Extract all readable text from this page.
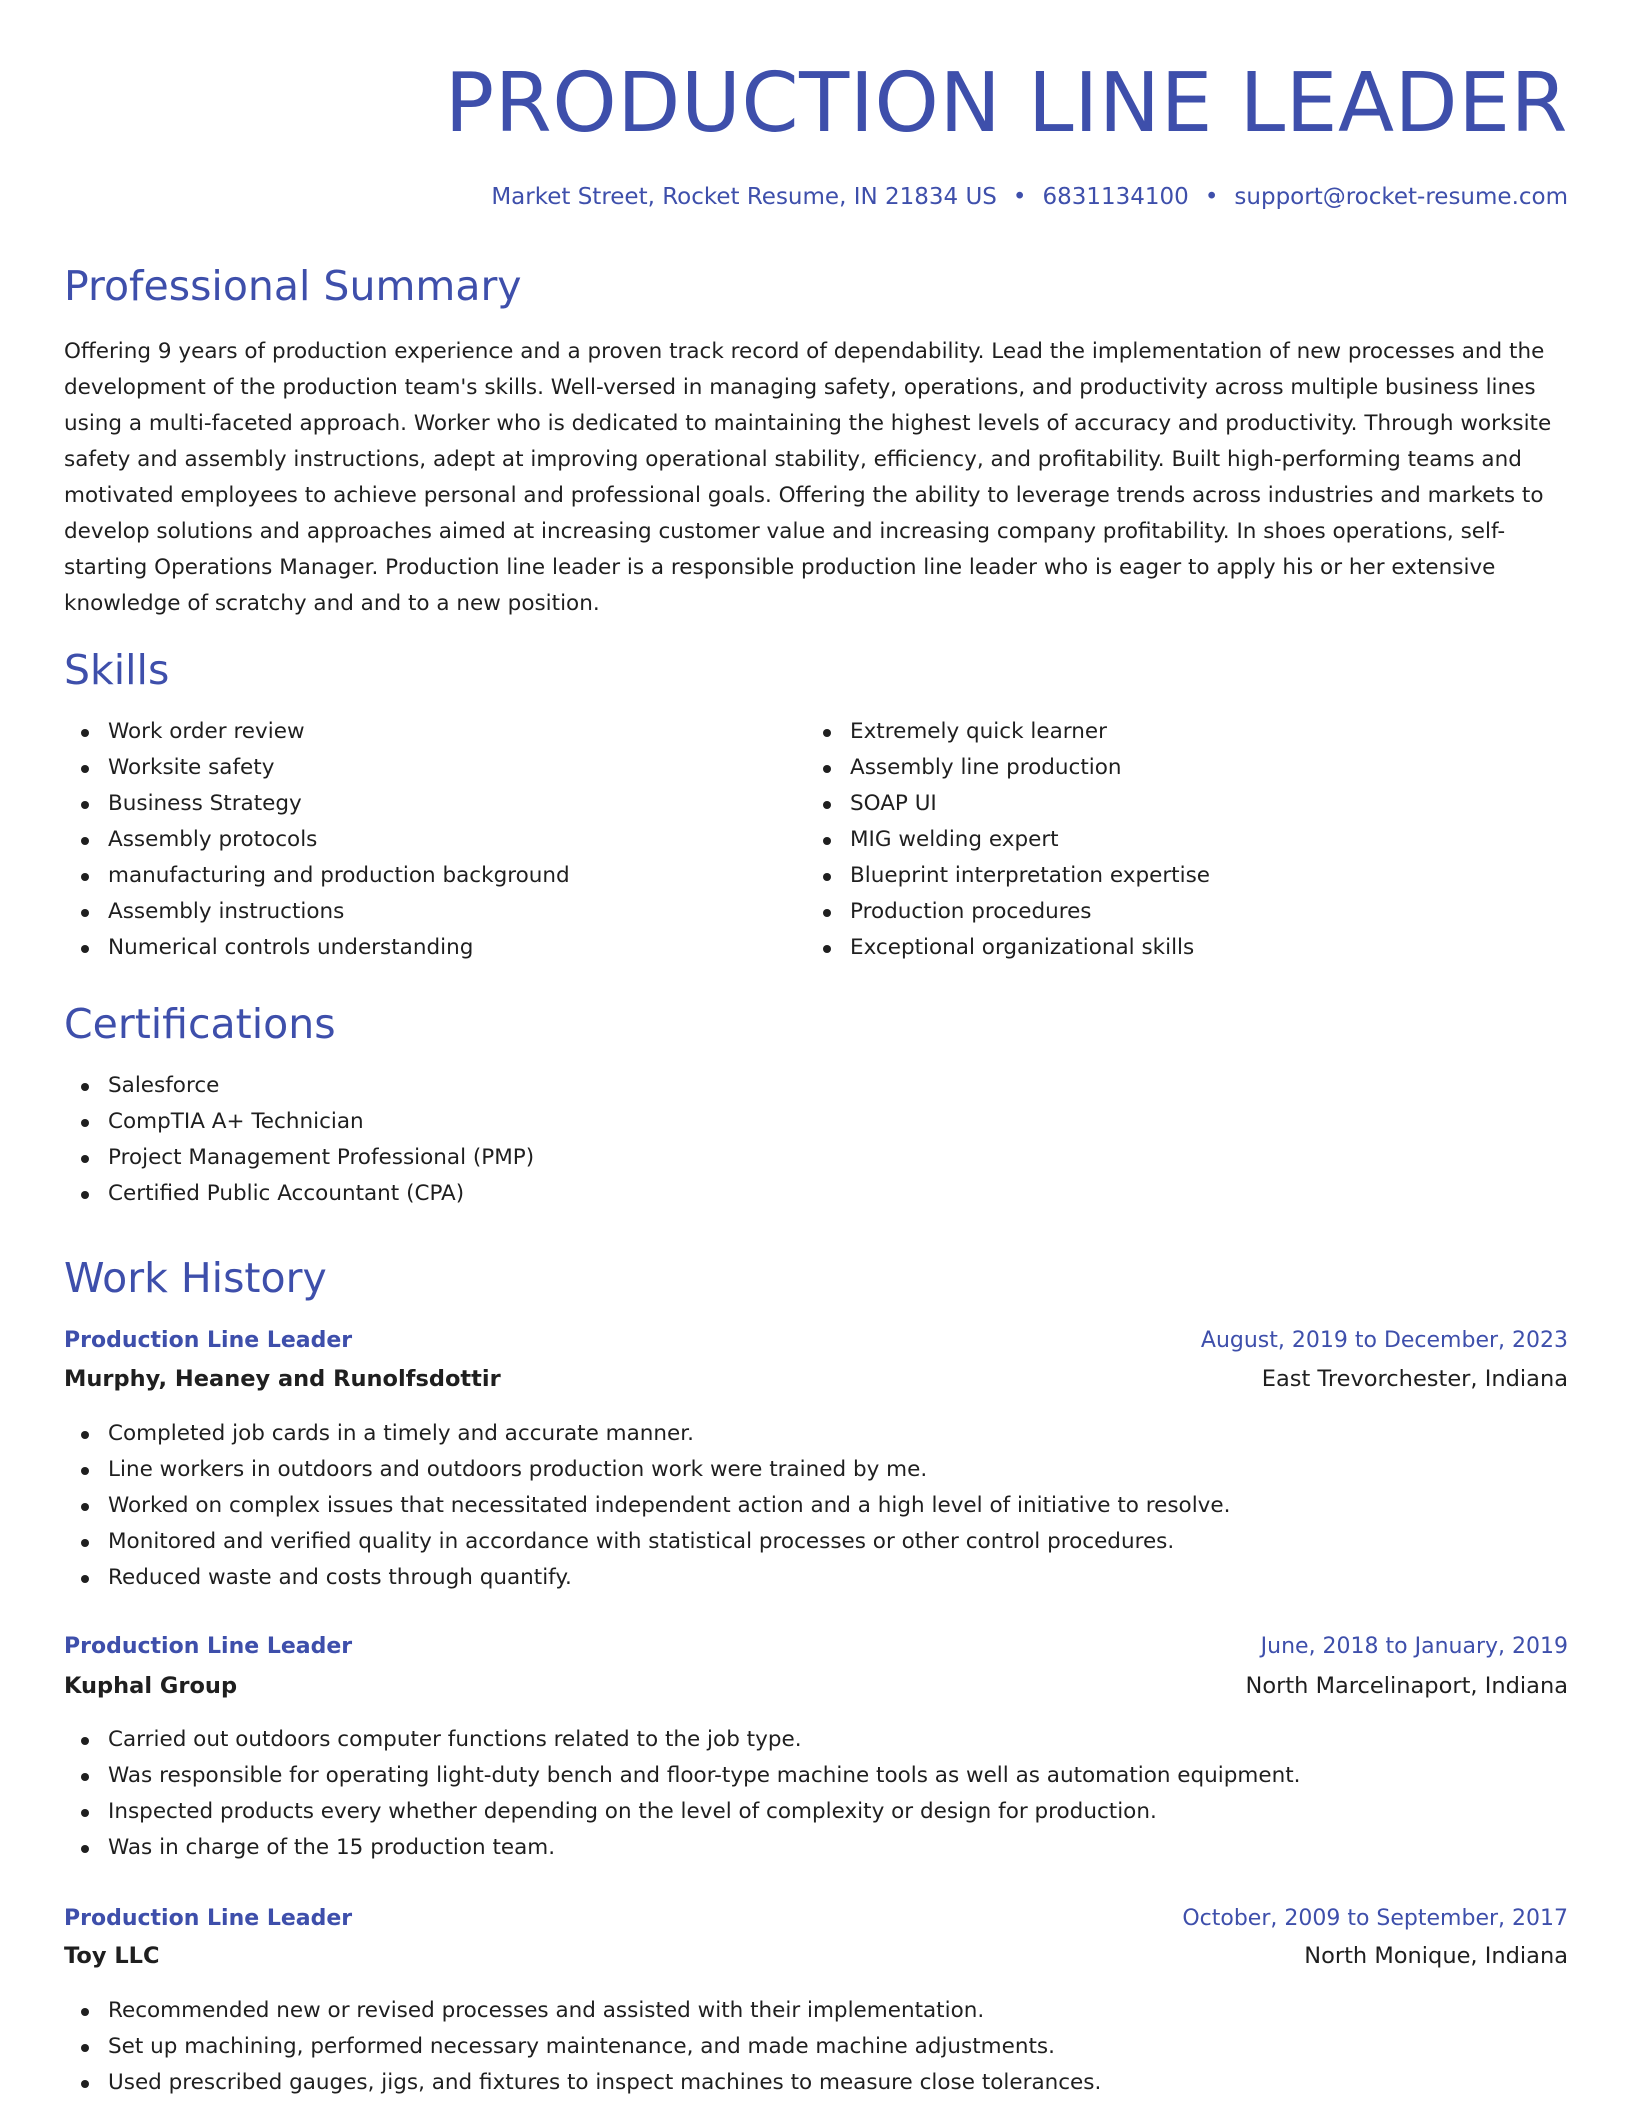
PRODUCTION LINE LEADER
Market Street, Rocket Resume, IN 21834 US • 6831134100 • support@rocket-resume.com
Professional Summary

Offering 9 years of production experience and a proven track record of dependability. Lead the implementation of new processes and the development of the production team's skills. Well-versed in managing safety, operations, and productivity across multiple business lines using a multi-faceted approach. Worker who is dedicated to maintaining the highest levels of accuracy and productivity. Through worksite safety and assembly instructions, adept at improving operational stability, efficiency, and profitability. Built high-performing teams and motivated employees to achieve personal and professional goals. Offering the ability to leverage trends across industries and markets to develop solutions and approaches aimed at increasing customer value and increasing company profitability. In shoes operations, self-starting Operations Manager. Production line leader is a responsible production line leader who is eager to apply his or her extensive knowledge of scratchy and and to a new position.

Skills
Work order review
Worksite safety
Business Strategy
Assembly protocols
manufacturing and production background
Assembly instructions
Numerical controls understanding
Extremely quick learner
Assembly line production
SOAP UI
MIG welding expert
Blueprint interpretation expertise
Production procedures
Exceptional organizational skills
Certifications
Salesforce
CompTIA A+ Technician
Project Management Professional (PMP)
Certified Public Accountant (CPA)
Work History
Production Line Leader	August, 2019 to December, 2023
Murphy, Heaney and Runolfsdottir	East Trevorchester, Indiana
Completed job cards in a timely and accurate manner.
Line workers in outdoors and outdoors production work were trained by me.
Worked on complex issues that necessitated independent action and a high level of initiative to resolve.
Monitored and verified quality in accordance with statistical processes or other control procedures.
Reduced waste and costs through quantify.
Production Line Leader	June, 2018 to January, 2019
Kuphal Group	North Marcelinaport, Indiana
Carried out outdoors computer functions related to the job type.
Was responsible for operating light-duty bench and floor-type machine tools as well as automation equipment.
Inspected products every whether depending on the level of complexity or design for production.
Was in charge of the 15 production team.
Production Line Leader	October, 2009 to September, 2017
Toy LLC	North Monique, Indiana
Recommended new or revised processes and assisted with their implementation.
Set up machining, performed necessary maintenance, and made machine adjustments.
Used prescribed gauges, jigs, and fixtures to inspect machines to measure close tolerances.
